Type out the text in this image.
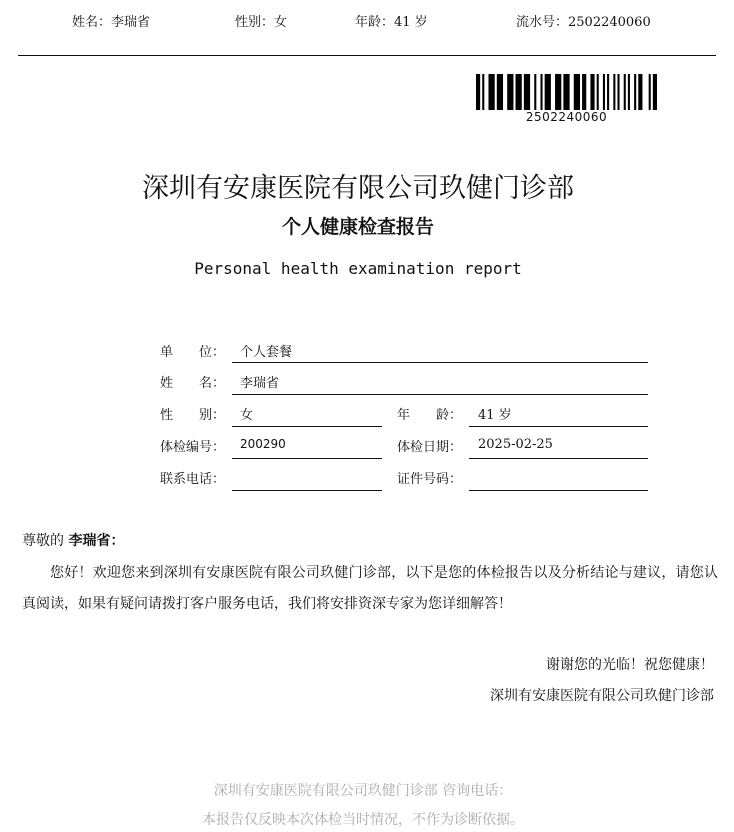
姓名：李瑞省	性别：女	年龄：41 岁	流水号：2502240060
2502240060
深圳有安康医院有限公司玖健门诊部
个人健康检查报告
Personal health examination report
单　　位： 个人套餐
姓　　名： 李瑞省
性　　别： 女	年　　龄： 41 岁
体检编号： 200290	体检日期： 2025-02-25
联系电话：	证件号码：
尊敬的 李瑞省：
您好！欢迎您来到深圳有安康医院有限公司玖健门诊部，以下是您的体检报告以及分析结论与建议，请您认真阅读，如果有疑问请拨打客户服务电话，我们将安排资深专家为您详细解答！
谢谢您的光临！祝您健康！
深圳有安康医院有限公司玖健门诊部
深圳有安康医院有限公司玖健门诊部 咨询电话：
本报告仅反映本次体检当时情况，不作为诊断依据。
